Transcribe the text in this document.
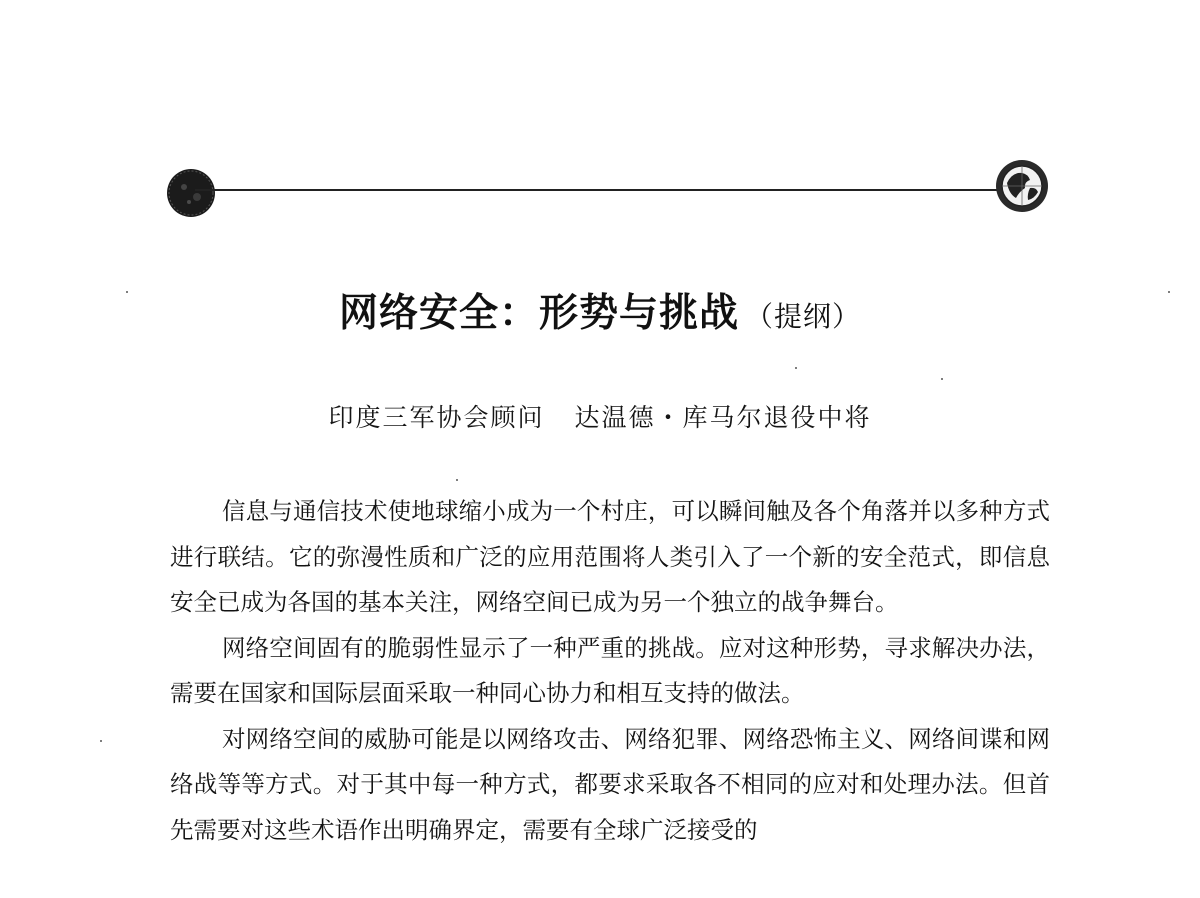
网络安全：形势与挑战 （提纲）
印度三军协会顾问 达温德・库马尔退役中将

信息与通信技术使地球缩小成为一个村庄，可以瞬间触及各个角落并以多种方式进行联结。它的弥漫性质和广泛的应用范围将人类引入了一个新的安全范式，即信息安全已成为各国的基本关注，网络空间已成为另一个独立的战争舞台。

网络空间固有的脆弱性显示了一种严重的挑战。应对这种形势，寻求解决办法，需要在国家和国际层面采取一种同心协力和相互支持的做法。

对网络空间的威胁可能是以网络攻击、网络犯罪、网络恐怖主义、网络间谍和网络战等等方式。对于其中每一种方式，都要求采取各不相同的应对和处理办法。但首先需要对这些术语作出明确界定，需要有全球广泛接受的
